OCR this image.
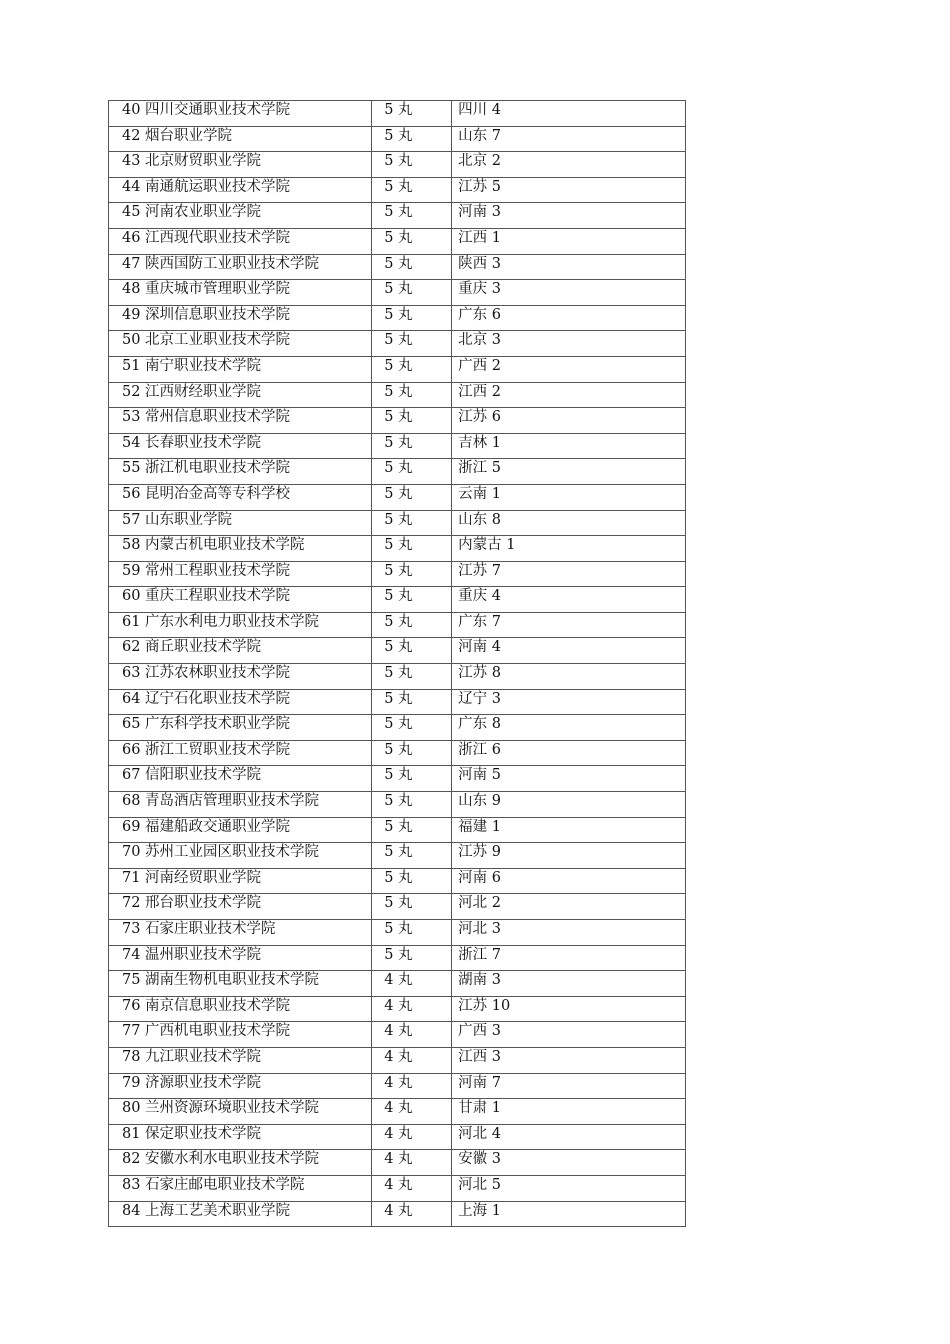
40 四川交通职业技术学院	5 丸	四川 4

42 烟台职业学院	5 丸	山东 7

43 北京财贸职业学院	5 丸	北京 2

44 南通航运职业技术学院	5 丸	江苏 5

45 河南农业职业学院	5 丸	河南 3

46 江西现代职业技术学院	5 丸	江西 1

47 陕西国防工业职业技术学院	5 丸	陕西 3

48 重庆城市管理职业学院	5 丸	重庆 3

49 深圳信息职业技术学院	5 丸	广东 6

50 北京工业职业技术学院	5 丸	北京 3

51 南宁职业技术学院	5 丸	广西 2

52 江西财经职业学院	5 丸	江西 2

53 常州信息职业技术学院	5 丸	江苏 6

54 长春职业技术学院	5 丸	吉林 1

55 浙江机电职业技术学院	5 丸	浙江 5

56 昆明冶金高等专科学校	5 丸	云南 1

57 山东职业学院	5 丸	山东 8

58 内蒙古机电职业技术学院	5 丸	内蒙古 1

59 常州工程职业技术学院	5 丸	江苏 7

60 重庆工程职业技术学院	5 丸	重庆 4

61 广东水利电力职业技术学院	5 丸	广东 7

62 商丘职业技术学院	5 丸	河南 4

63 江苏农林职业技术学院	5 丸	江苏 8

64 辽宁石化职业技术学院	5 丸	辽宁 3

65 广东科学技术职业学院	5 丸	广东 8

66 浙江工贸职业技术学院	5 丸	浙江 6

67 信阳职业技术学院	5 丸	河南 5

68 青岛酒店管理职业技术学院	5 丸	山东 9

69 福建船政交通职业学院	5 丸	福建 1

70 苏州工业园区职业技术学院	5 丸	江苏 9

71 河南经贸职业学院	5 丸	河南 6

72 邢台职业技术学院	5 丸	河北 2

73 石家庄职业技术学院	5 丸	河北 3

74 温州职业技术学院	5 丸	浙江 7

75 湖南生物机电职业技术学院	4 丸	湖南 3

76 南京信息职业技术学院	4 丸	江苏 10

77 广西机电职业技术学院	4 丸	广西 3

78 九江职业技术学院	4 丸	江西 3

79 济源职业技术学院	4 丸	河南 7

80 兰州资源环境职业技术学院	4 丸	甘肃 1

81 保定职业技术学院	4 丸	河北 4

82 安徽水利水电职业技术学院	4 丸	安徽 3

83 石家庄邮电职业技术学院	4 丸	河北 5

84 上海工艺美术职业学院	4 丸	上海 1
